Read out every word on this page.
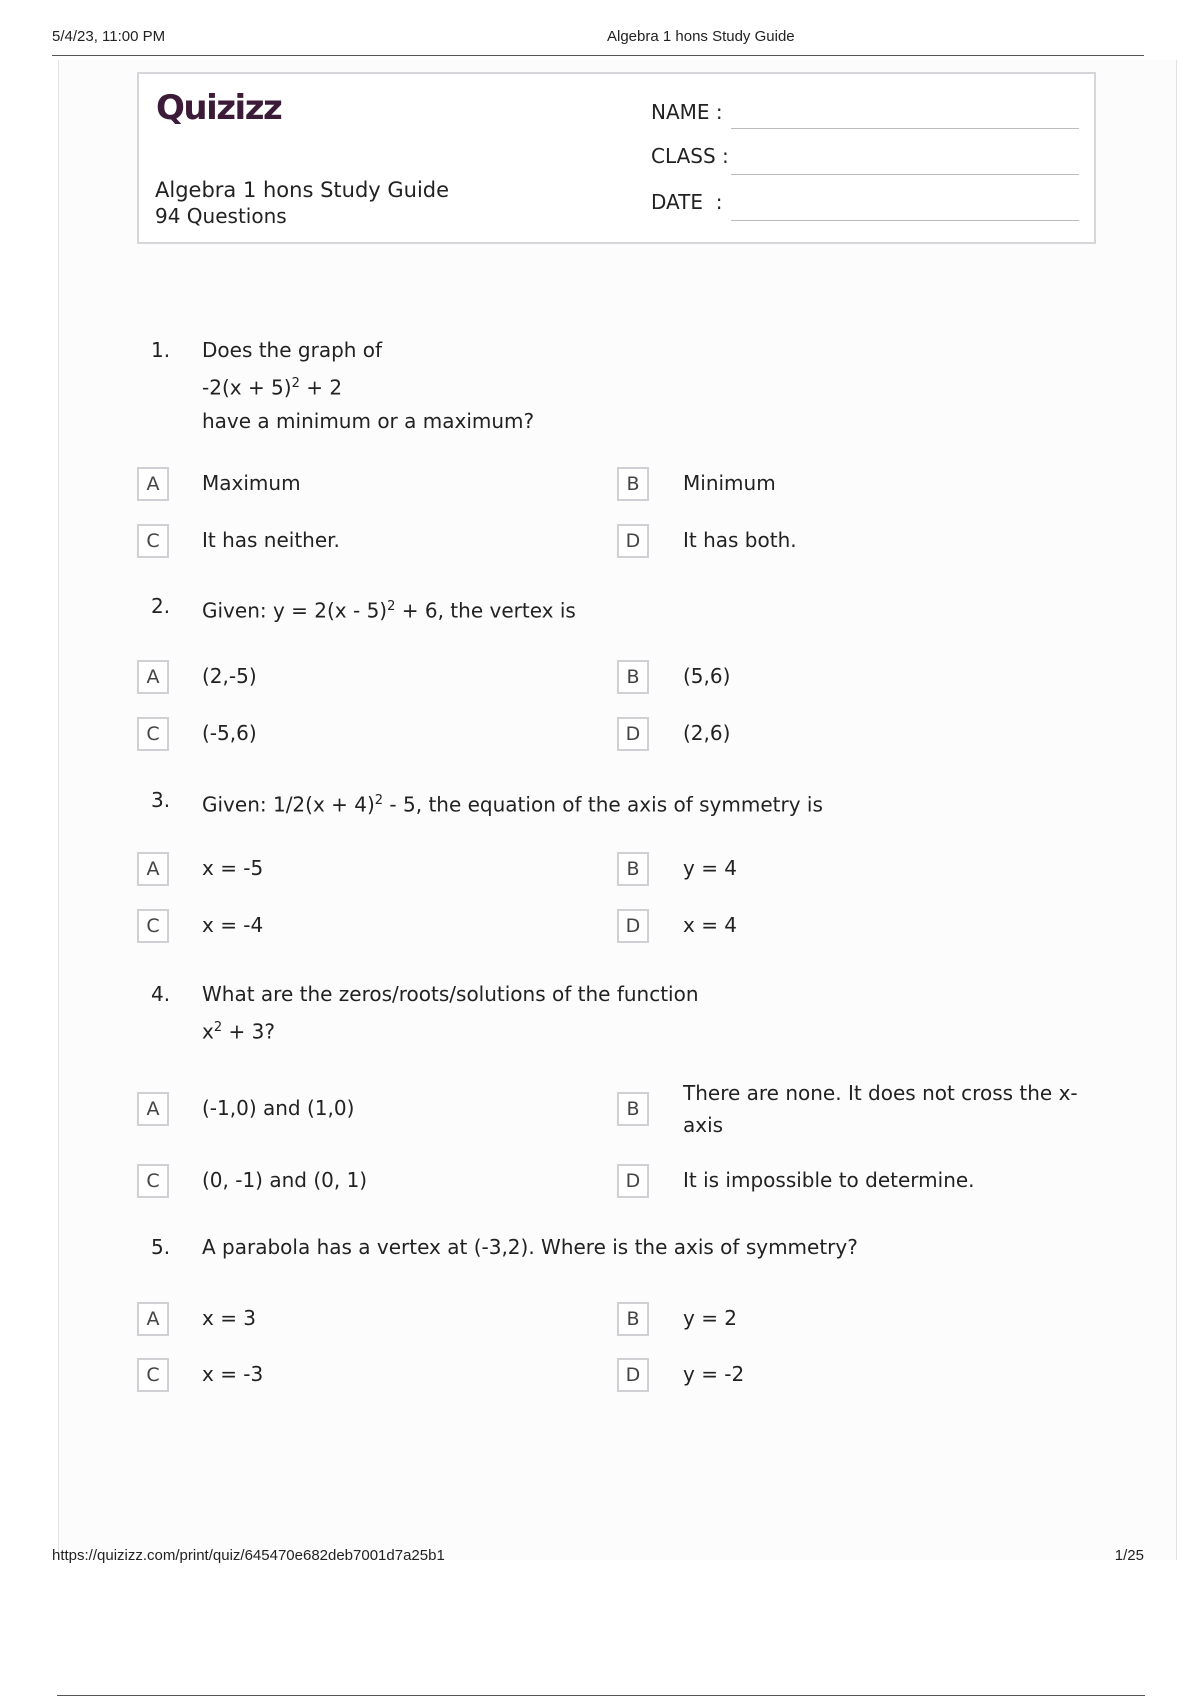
5/4/23, 11:00 PM	Algebra 1 hons Study Guide
Quizizz
Algebra 1 hons Study Guide
94 Questions
NAME :
CLASS :
DATE  :
1. Does the graph of
$-2(x + 5)^2 + 2$
have a minimum or a maximum?
A	Maximum	B	Minimum
C	It has neither.	D	It has both.
2. Given: y = 2(x - 5)$^2$ + 6, the vertex is
A	(2,-5)	B	(5,6)
C	(-5,6)	D	(2,6)
3. Given: $1/2(x + 4)^2 - 5$, the equation of the axis of symmetry is
A	x = -5	B	y = 4
C	x = -4	D	x = 4
4. What are the zeros/roots/solutions of the function
$x^2 + 3$?
A	(-1,0) and (1,0)	B
There are none. It does not cross the x-axis
C	(0, -1) and (0, 1)	D	It is impossible to determine.
5. A parabola has a vertex at (-3,2). Where is the axis of symmetry?
A	x = 3	B	y = 2
C	x = -3	D	y = -2
https://quizizz.com/print/quiz/645470e682deb7001d7a25b1	1/25
